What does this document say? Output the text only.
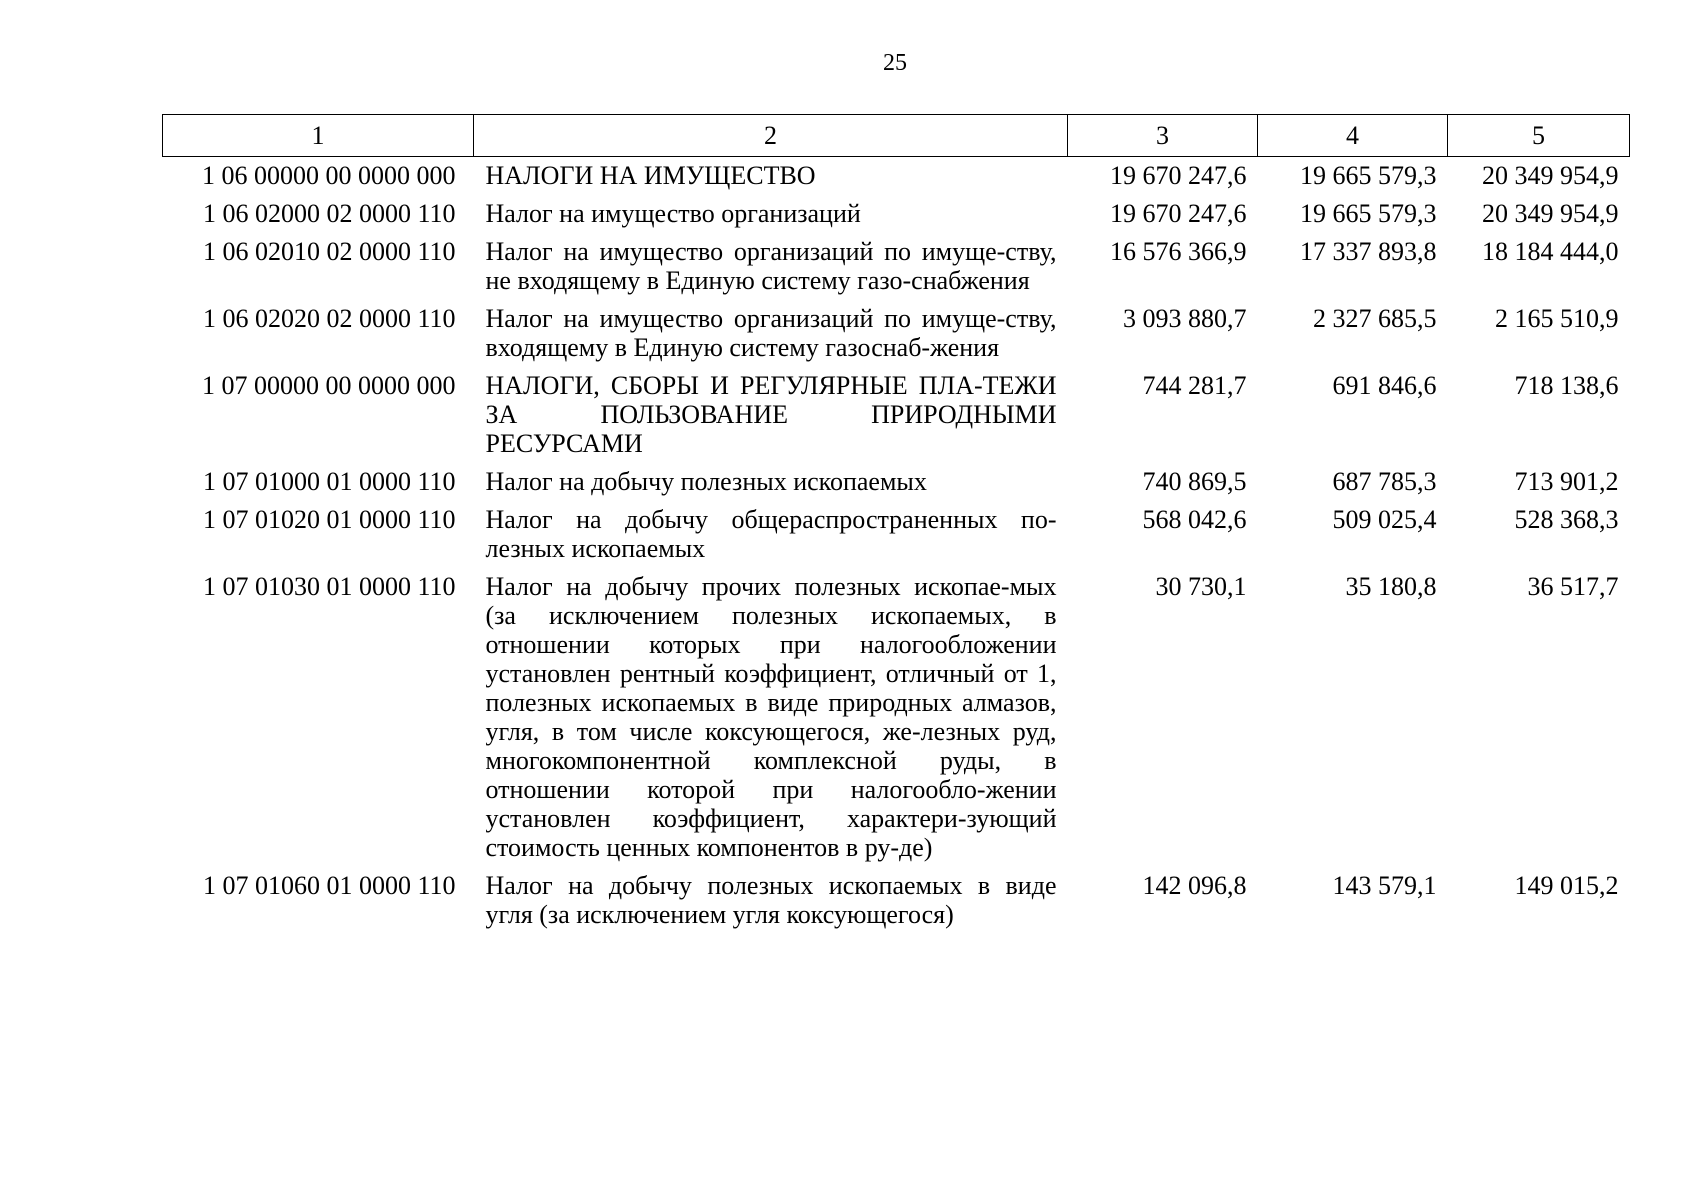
25
1	2	3	4	5
1 06 00000 00 0000 000	НАЛОГИ НА ИМУЩЕСТВО	19 670 247,6	19 665 579,3	20 349 954,9
1 06 02000 02 0000 110	Налог на имущество организаций	19 670 247,6	19 665 579,3	20 349 954,9
1 06 02010 02 0000 110	Налог на имущество организаций по имуще-ству, не входящему в Единую систему газо-снабжения	16 576 366,9	17 337 893,8	18 184 444,0
1 06 02020 02 0000 110	Налог на имущество организаций по имуще-ству, входящему в Единую систему газоснаб-жения	3 093 880,7	2 327 685,5	2 165 510,9
1 07 00000 00 0000 000	НАЛОГИ, СБОРЫ И РЕГУЛЯРНЫЕ ПЛА-ТЕЖИ ЗА ПОЛЬЗОВАНИЕ ПРИРОДНЫМИ РЕСУРСАМИ	744 281,7	691 846,6	718 138,6
1 07 01000 01 0000 110	Налог на добычу полезных ископаемых	740 869,5	687 785,3	713 901,2
1 07 01020 01 0000 110	Налог на добычу общераспространенных по-лезных ископаемых	568 042,6	509 025,4	528 368,3
1 07 01030 01 0000 110	Налог на добычу прочих полезных ископае-мых (за исключением полезных ископаемых, в отношении которых при налогообложении установлен рентный коэффициент, отличный от 1, полезных ископаемых в виде природных алмазов, угля, в том числе коксующегося, же-лезных руд, многокомпонентной комплексной руды, в отношении которой при налогообло-жении установлен коэффициент, характери-зующий стоимость ценных компонентов в ру-де)	30 730,1	35 180,8	36 517,7
1 07 01060 01 0000 110	Налог на добычу полезных ископаемых в виде угля (за исключением угля коксующегося)	142 096,8	143 579,1	149 015,2
